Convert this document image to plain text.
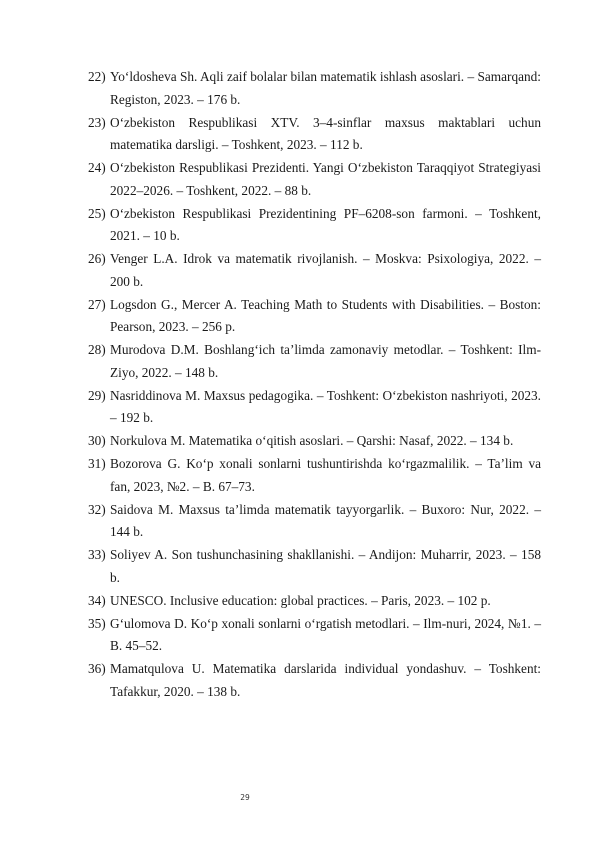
22) Yo‘ldosheva Sh. Aqli zaif bolalar bilan matematik ishlash asoslari. – Samarqand: Registon, 2023. – 176 b.
23) O‘zbekiston Respublikasi XTV. 3–4-sinflar maxsus maktablari uchun matematika darsligi. – Toshkent, 2023. – 112 b.
24) O‘zbekiston Respublikasi Prezidenti. Yangi O‘zbekiston Taraqqiyot Strategiyasi 2022–2026. – Toshkent, 2022. – 88 b.
25) O‘zbekiston Respublikasi Prezidentining PF–6208-son farmoni. – Toshkent, 2021. – 10 b.
26) Venger L.A. Idrok va matematik rivojlanish. – Moskva: Psixologiya, 2022. – 200 b.
27) Logsdon G., Mercer A. Teaching Math to Students with Disabilities. – Boston: Pearson, 2023. – 256 p.
28) Murodova D.M. Boshlang‘ich ta’limda zamonaviy metodlar. – Toshkent: Ilm-Ziyo, 2022. – 148 b.
29) Nasriddinova M. Maxsus pedagogika. – Toshkent: O‘zbekiston nashriyoti, 2023. – 192 b.
30) Norkulova M. Matematika o‘qitish asoslari. – Qarshi: Nasaf, 2022. – 134 b.
31) Bozorova G. Ko‘p xonali sonlarni tushuntirishda ko‘rgazmalilik. – Ta’lim va fan, 2023, №2. – B. 67–73.
32) Saidova M. Maxsus ta’limda matematik tayyorgarlik. – Buxoro: Nur, 2022. – 144 b.
33) Soliyev A. Son tushunchasining shakllanishi. – Andijon: Muharrir, 2023. – 158 b.
34) UNESCO. Inclusive education: global practices. – Paris, 2023. – 102 p.
35) G‘ulomova D. Ko‘p xonali sonlarni o‘rgatish metodlari. – Ilm-nuri, 2024, №1. – B. 45–52.
36) Mamatqulova U. Matematika darslarida individual yondashuv. – Toshkent: Tafakkur, 2020. – 138 b.
29
